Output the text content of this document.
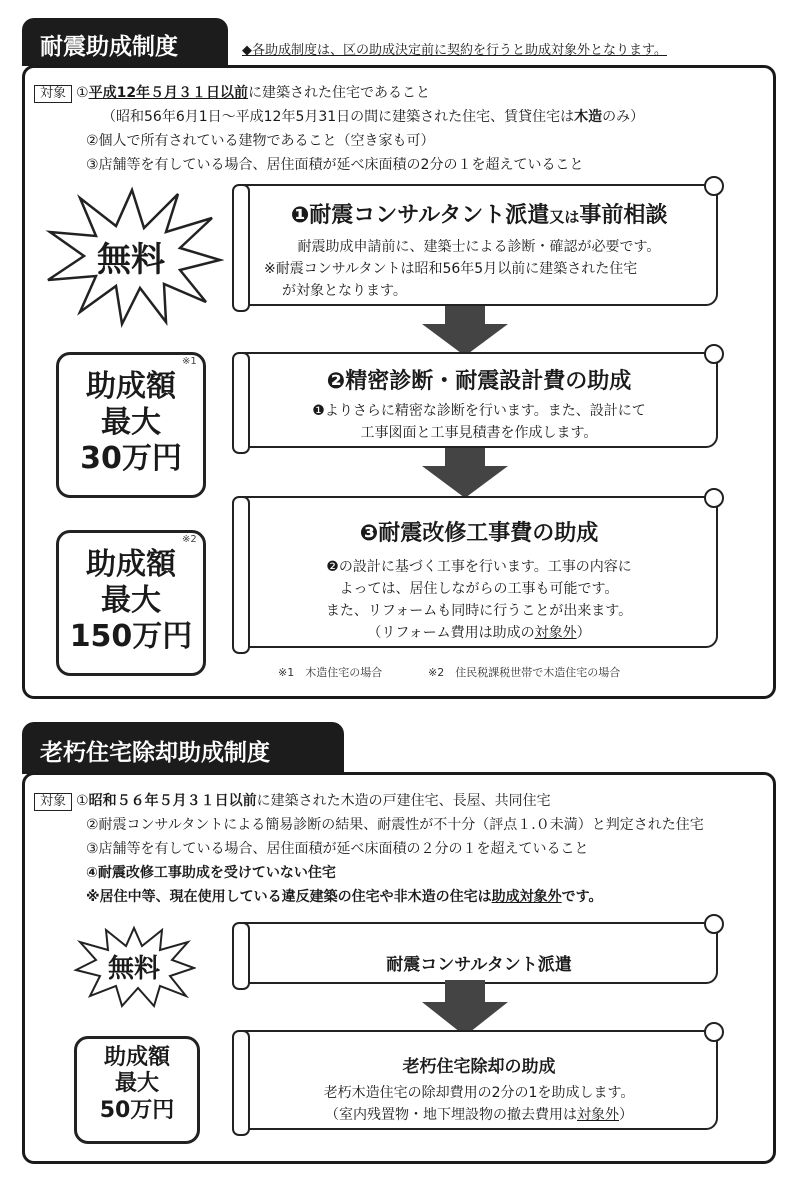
耐震助成制度	◆各助成制度は、区の助成決定前に契約を行うと助成対象外となります。
対象 ①平成12年５月３１日以前に建築された住宅であること
（昭和56年6月1日～平成12年5月31日の間に建築された住宅、賃貸住宅は木造のみ）
②個人で所有されている建物であること（空き家も可）
③店舗等を有している場合、居住面積が延べ床面積の2分の１を超えていること
無料
❶耐震コンサルタント派遣又は事前相談
耐震助成申請前に、建築士による診断・確認が必要です。
※耐震コンサルタントは昭和56年5月以前に建築された住宅
が対象となります。
助成額
最大
30万円
※1
❷精密診断・耐震設計費の助成
❶よりさらに精密な診断を行います。また、設計にて
工事図面と工事見積書を作成します。
助成額
最大
150万円
※2	❸耐震改修工事費の助成
❷の設計に基づく工事を行います。工事の内容に
よっては、居住しながらの工事も可能です。
また、リフォームも同時に行うことが出来ます。
（リフォーム費用は助成の対象外）
※1　木造住宅の場合	※2　住民税課税世帯で木造住宅の場合
老朽住宅除却助成制度
対象 ①昭和５６年５月３１日以前に建築された木造の戸建住宅、長屋、共同住宅
②耐震コンサルタントによる簡易診断の結果、耐震性が不十分（評点１.０未満）と判定された住宅
③店舗等を有している場合、居住面積が延べ床面積の２分の１を超えていること
④耐震改修工事助成を受けていない住宅
※居住中等、現在使用している違反建築の住宅や非木造の住宅は助成対象外です。
無料	耐震コンサルタント派遣
助成額
最大
50万円
老朽住宅除却の助成
老朽木造住宅の除却費用の2分の1を助成します。
（室内残置物・地下埋設物の撤去費用は対象外）
